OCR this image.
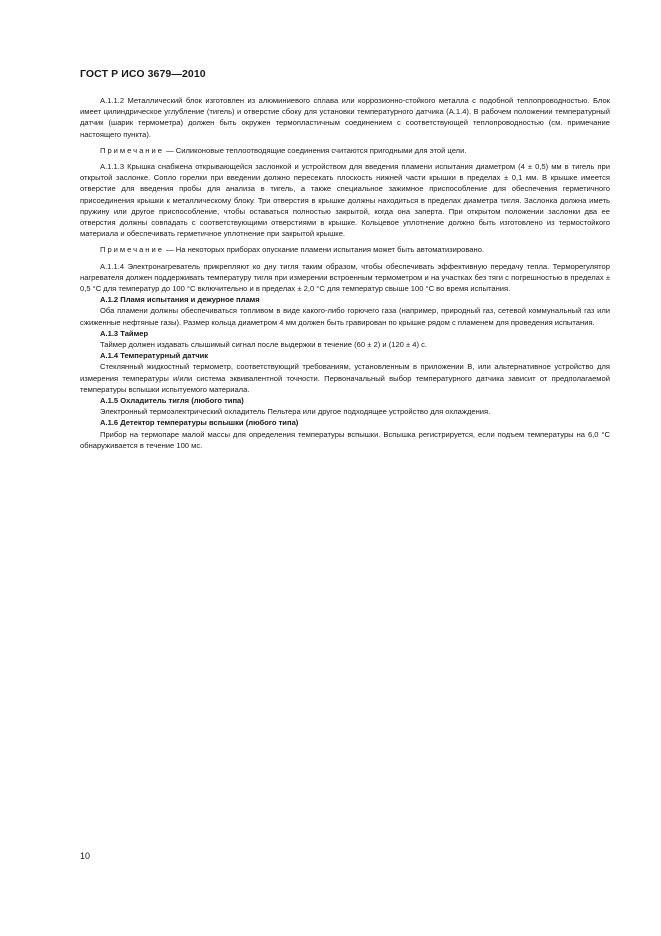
ГОСТ Р ИСО 3679—2010

A.1.1.2 Металлический блок изготовлен из алюминиевого сплава или коррозионно-стойкого металла с подобной теплопроводностью. Блок имеет цилиндрическое углубление (тигель) и отверстие сбоку для установки температурного датчика (А.1.4). В рабочем положении температурный датчик (шарик термометра) должен быть окружен термопластичным соединением с соответствующей теплопроводностью (см. примечание настоящего пункта).

Примечание — Силиконовые теплоотводящие соединения считаются пригодными для этой цели.

A.1.1.3 Крышка снабжена открывающейся заслонкой и устройством для введения пламени испытания диаметром (4 ± 0,5) мм в тигель при открытой заслонке. Сопло горелки при введении должно пересекать плоскость нижней части крышки в пределах ± 0,1 мм. В крышке имеется отверстие для введения пробы для анализа в тигель, а также специальное зажимное приспособление для обеспечения герметичного присоединения крышки к металлическому блоку. Три отверстия в крышке должны находиться в пределах диаметра тигля. Заслонка должна иметь пружину или другое приспособление, чтобы оставаться полностью закрытой, когда она заперта. При открытом положении заслонки два ее отверстия должны совпадать с соответствующими отверстиями в крышке. Кольцевое уплотнение должно быть изготовлено из термостойкого материала и обеспечивать герметичное уплотнение при закрытой крышке.

Примечание — На некоторых приборах опускание пламени испытания может быть автоматизировано.

A.1.1.4 Электронагреватель прикрепляют ко дну тигля таким образом, чтобы обеспечивать эффективную передачу тепла. Терморегулятор нагревателя должен поддерживать температуру тигля при измерении встроенным термометром и на участках без тяги с погрешностью в пределах ± 0,5 °С для температур до 100 °С включительно и в пределах ± 2,0 °С для температур свыше 100 °С во время испытания.

А.1.2 Пламя испытания и дежурное пламя

Оба пламени должны обеспечиваться топливом в виде какого-либо горючего газа (например, природный газ, сетевой коммунальный газ или сжиженные нефтяные газы). Размер кольца диаметром 4 мм должен быть гравирован по крышке рядом с пламенем для проведения испытания.

А.1.3 Таймер

Таймер должен издавать слышимый сигнал после выдержки в течение (60 ± 2) и (120 ± 4) с.

А.1.4 Температурный датчик

Стеклянный жидкостный термометр, соответствующий требованиям, установленным в приложении В, или альтернативное устройство для измерения температуры и/или система эквивалентной точности. Первоначальный выбор температурного датчика зависит от предполагаемой температуры вспышки испытуемого материала.

А.1.5 Охладитель тигля (любого типа)

Электронный термоэлектрический охладитель Пельтера или другое подходящее устройство для охлаждения.

А.1.6 Детектор температуры вспышки (любого типа)

Прибор на термопаре малой массы для определения температуры вспышки. Вспышка регистрируется, если подъем температуры на 6,0 °С обнаруживается в течение 100 мс.

10
